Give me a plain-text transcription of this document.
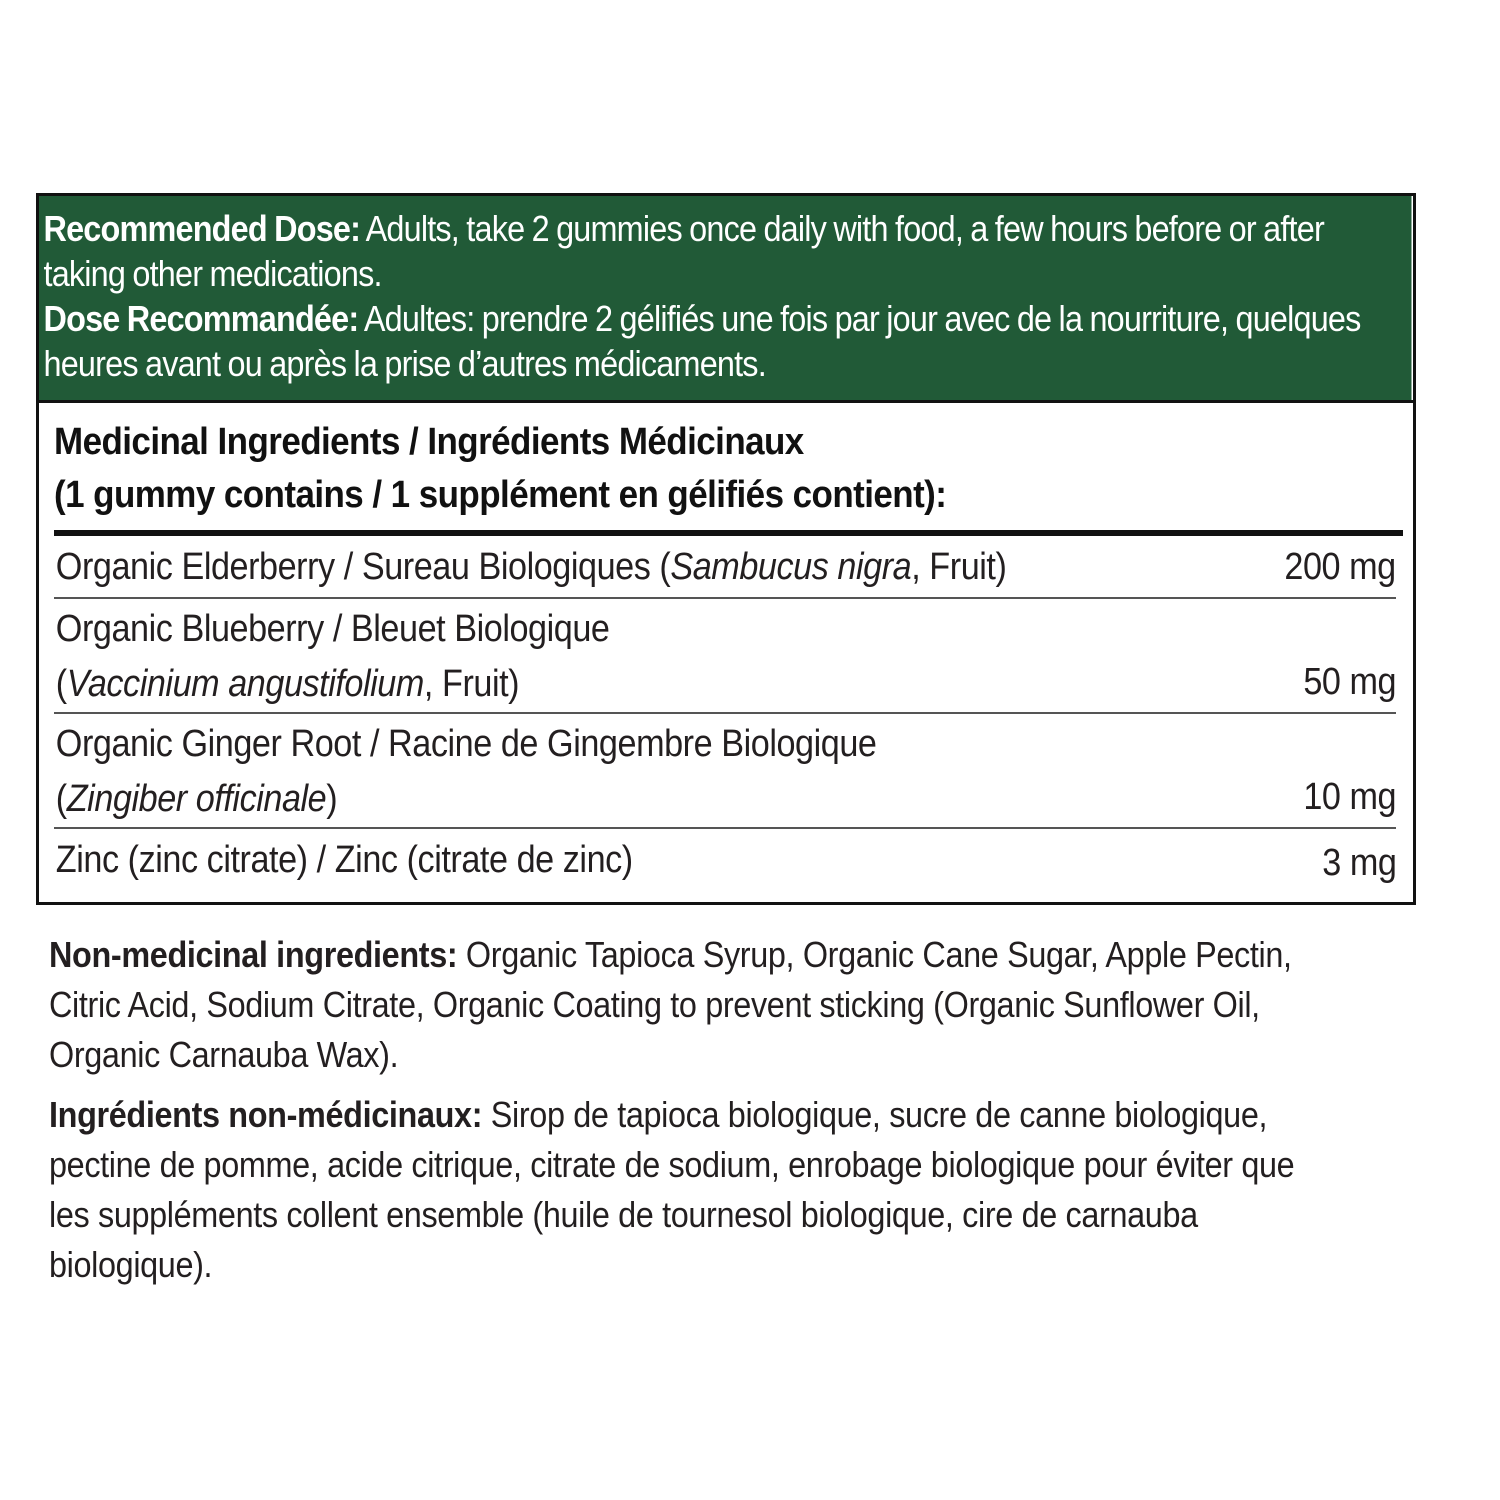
Recommended Dose: Adults, take 2 gummies once daily with food, a few hours before or after taking other medications.

Dose Recommandée: Adultes: prendre 2 gélifiés une fois par jour avec de la nourriture, quelques heures avant ou après la prise d’autres médicaments.

Medicinal Ingredients / Ingrédients Médicinaux
(1 gummy contains / 1 supplément en gélifiés contient):
Organic Elderberry / Sureau Biologiques (Sambucus nigra, Fruit)	200 mg
Organic Blueberry / Bleuet Biologique
(Vaccinium angustifolium, Fruit)	50 mg
Organic Ginger Root / Racine de Gingembre Biologique
(Zingiber officinale)	10 mg
Zinc (zinc citrate) / Zinc (citrate de zinc)	3 mg
Non-medicinal ingredients: Organic Tapioca Syrup, Organic Cane Sugar, Apple Pectin, Citric Acid, Sodium Citrate, Organic Coating to prevent sticking (Organic Sunflower Oil, Organic Carnauba Wax).
Ingrédients non-médicinaux: Sirop de tapioca biologique, sucre de canne biologique, pectine de pomme, acide citrique, citrate de sodium, enrobage biologique pour éviter que les suppléments collent ensemble (huile de tournesol biologique, cire de carnauba biologique).
